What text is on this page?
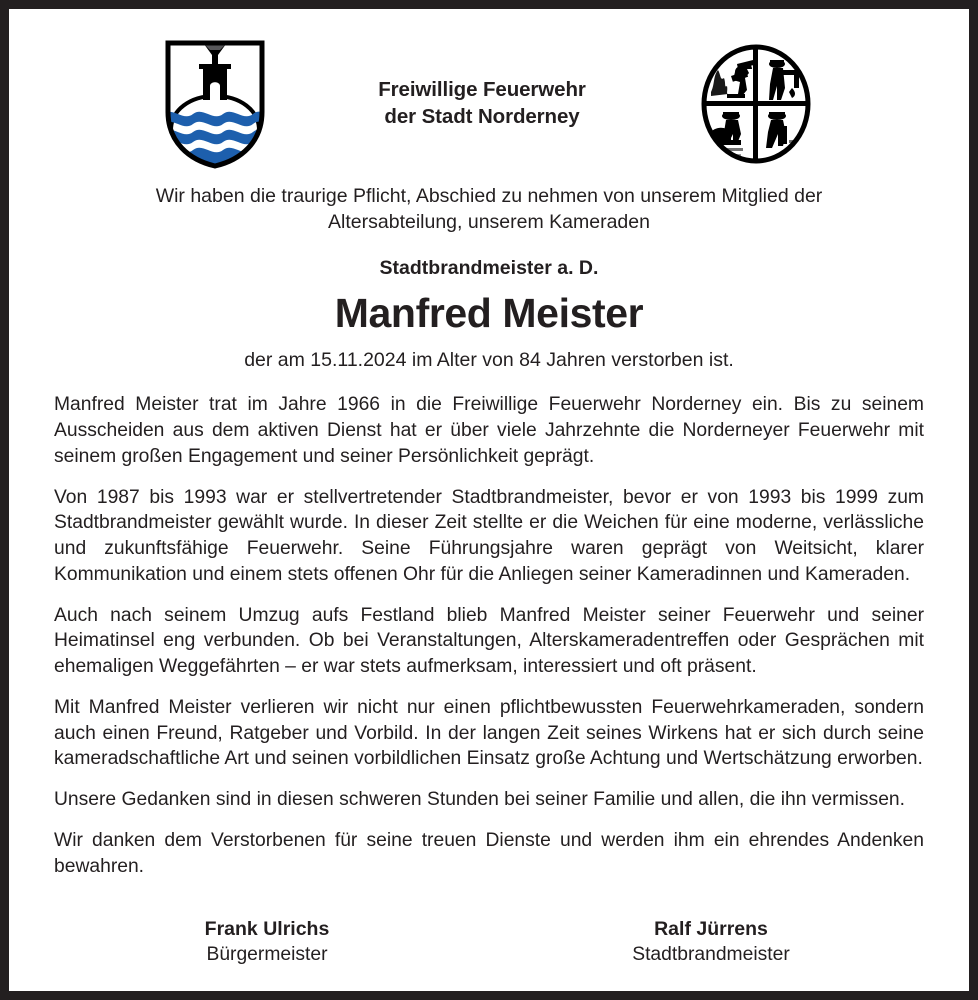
Freiwillige Feuerwehr
der Stadt Norderney
Wir haben die traurige Pflicht, Abschied zu nehmen von unserem Mitglied der
Altersabteilung, unserem Kameraden
Stadtbrandmeister a. D.
Manfred Meister
der am 15.11.2024 im Alter von 84 Jahren verstorben ist.

Manfred Meister trat im Jahre 1966 in die Freiwillige Feuerwehr Norderney ein. Bis zu seinem Ausscheiden aus dem aktiven Dienst hat er über viele Jahrzehnte die Norderneyer Feuerwehr mit seinem großen Engagement und seiner Persönlichkeit geprägt.

Von 1987 bis 1993 war er stellvertretender Stadtbrandmeister, bevor er von 1993 bis 1999 zum Stadtbrandmeister gewählt wurde. In dieser Zeit stellte er die Weichen für eine moderne, verlässliche und zukunftsfähige Feuerwehr. Seine Führungsjahre waren geprägt von Weitsicht, klarer Kommunikation und einem stets offenen Ohr für die Anliegen seiner Kameradinnen und Kameraden.

Auch nach seinem Umzug aufs Festland blieb Manfred Meister seiner Feuerwehr und seiner Heimatinsel eng verbunden. Ob bei Veranstaltungen, Alterskameradentreffen oder Gesprächen mit ehemaligen Weggefährten – er war stets aufmerksam, interessiert und oft präsent.

Mit Manfred Meister verlieren wir nicht nur einen pflichtbewussten Feuerwehrkameraden, sondern auch einen Freund, Ratgeber und Vorbild. In der langen Zeit seines Wirkens hat er sich durch seine kameradschaftliche Art und seinen vorbildlichen Einsatz große Achtung und Wertschätzung erworben.

Unsere Gedanken sind in diesen schweren Stunden bei seiner Familie und allen, die ihn vermissen.

Wir danken dem Verstorbenen für seine treuen Dienste und werden ihm ein ehrendes Andenken bewahren.

Frank Ulrichs
Bürgermeister
Ralf Jürrens
Stadtbrandmeister
